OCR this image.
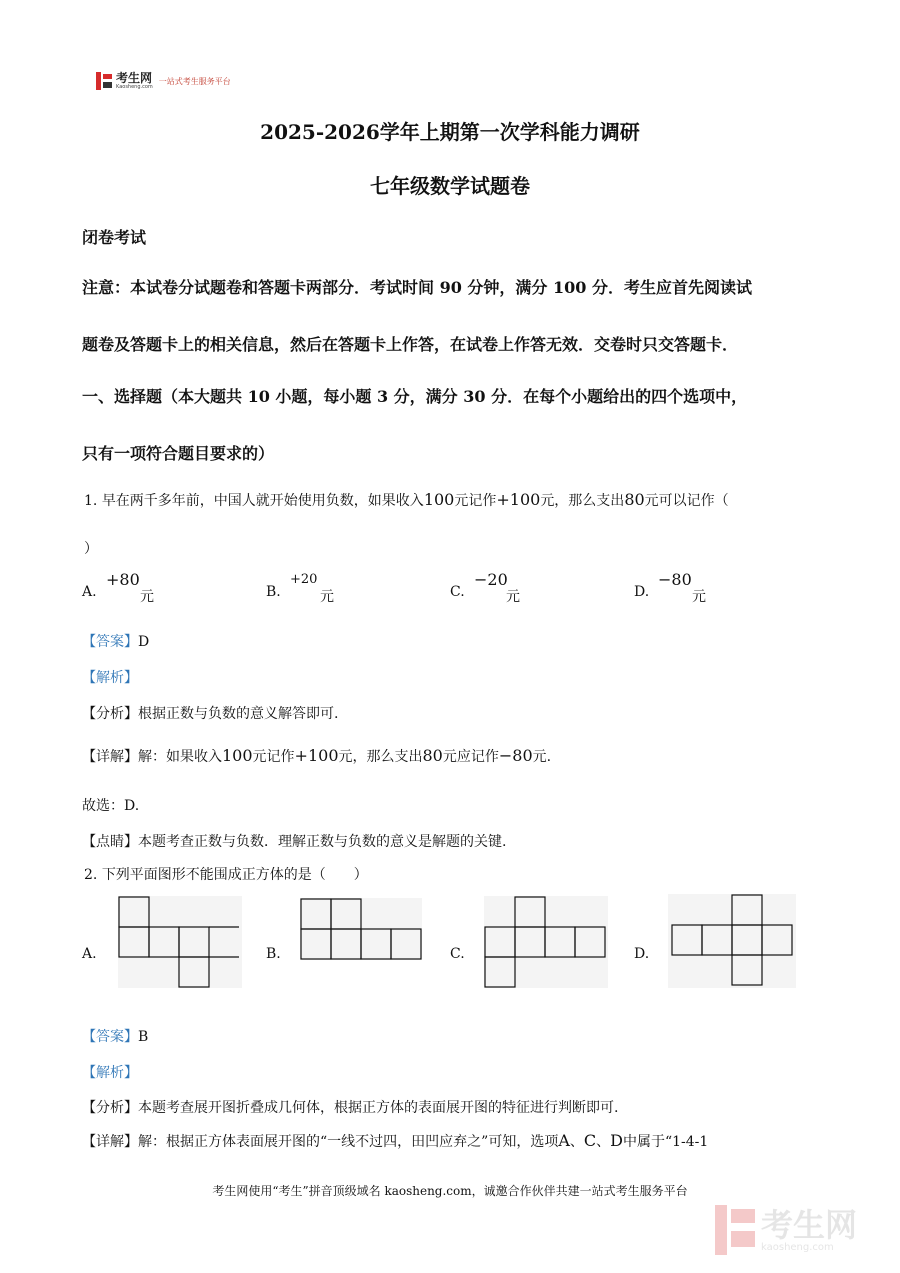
考生网
Kaosheng.com
一站式考生服务平台
2025-2026学年上期第一次学科能力调研
七年级数学试题卷
闭卷考试
注意：本试卷分试题卷和答题卡两部分．考试时间 90 分钟，满分 100 分．考生应首先阅读试
题卷及答题卡上的相关信息，然后在答题卡上作答，在试卷上作答无效．交卷时只交答题卡．
一、选择题（本大题共 10 小题，每小题 3 分，满分 30 分．在每个小题给出的四个选项中，
只有一项符合题目要求的）
1. 早在两千多年前，中国人就开始使用负数，如果收入100元记作+100元，那么支出80元可以记作（
）
A.
+80
元	B.
+20
元	C.
−20
元	D.
−80
元
【答案】D
【解析】
【分析】根据正数与负数的意义解答即可.
【详解】解：如果收入100元记作+100元，那么支出80元应记作−80元.
故选：D.
【点睛】本题考查正数与负数．理解正数与负数的意义是解题的关键.
2. 下列平面图形不能围成正方体的是（　　）
A.	B.	C.	D.
【答案】B
【解析】
【分析】本题考查展开图折叠成几何体，根据正方体的表面展开图的特征进行判断即可.
【详解】解：根据正方体表面展开图的“一线不过四，田凹应弃之”可知，选项A、C、D中属于“1-4-1
考生网使用“考生”拼音顶级域名 kaosheng.com，诚邀合作伙伴共建一站式考生服务平台
考生网
kaosheng.com
